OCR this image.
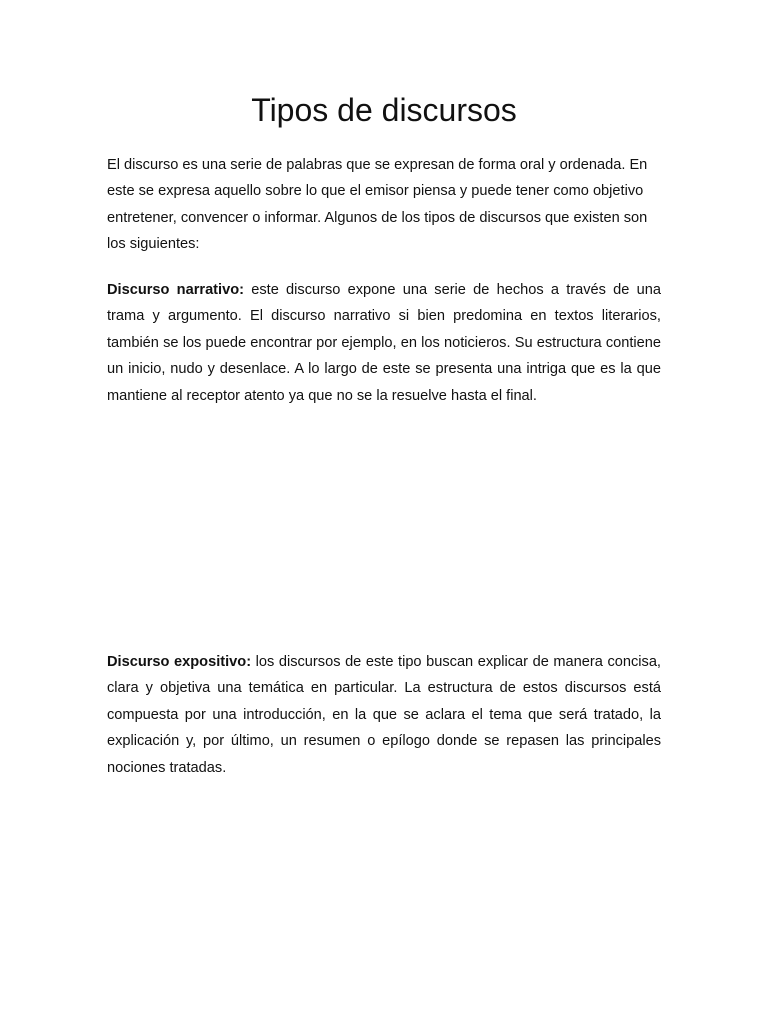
Tipos de discursos

El discurso es una serie de palabras que se expresan de forma oral y ordenada. En este se expresa aquello sobre lo que el emisor piensa y puede tener como objetivo entretener, convencer o informar. Algunos de los tipos de discursos que existen son los siguientes:

Discurso narrativo: este discurso expone una serie de hechos a través de una trama y argumento. El discurso narrativo si bien predomina en textos literarios, también se los puede encontrar por ejemplo, en los noticieros. Su estructura contiene un inicio, nudo y desenlace. A lo largo de este se presenta una intriga que es la que mantiene al receptor atento ya que no se la resuelve hasta el final.

Discurso expositivo: los discursos de este tipo buscan explicar de manera concisa, clara y objetiva una temática en particular. La estructura de estos discursos está compuesta por una introducción, en la que se aclara el tema que será tratado, la explicación y, por último, un resumen o epílogo donde se repasen las principales nociones tratadas.
